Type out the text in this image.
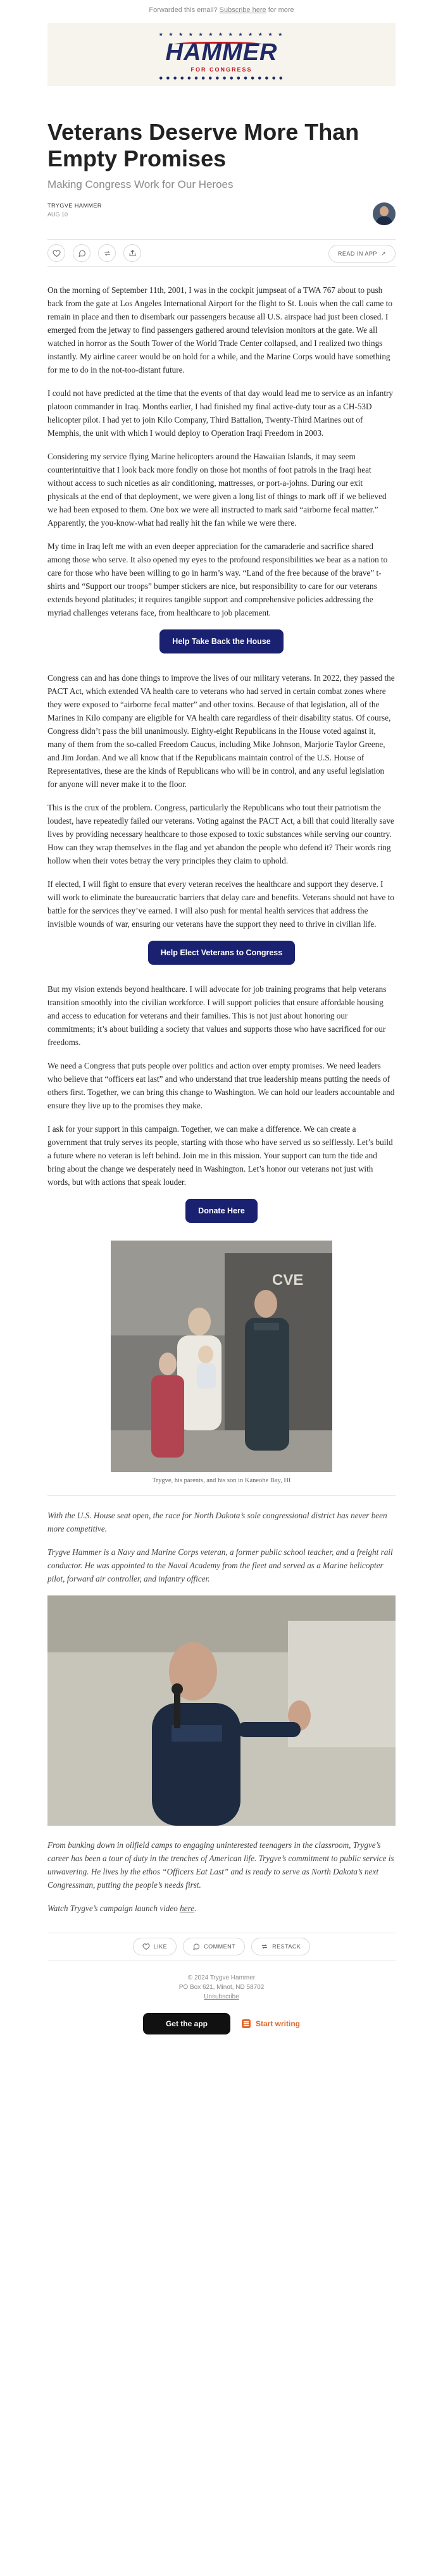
Forwarded this email? Subscribe here for more
★ ★ ★ ★ ★ ★ ★ ★ ★ ★ ★ ★ ★
HAMMER
FOR CONGRESS
● ● ● ● ● ● ● ● ● ● ● ● ● ● ● ● ● ●
Veterans Deserve More Than Empty Promises
Making Congress Work for Our Heroes
TRYGVE HAMMER
AUG 10
READ IN APP ↗

On the morning of September 11th, 2001, I was in the cockpit jumpseat of a TWA 767 about to push back from the gate at Los Angeles International Airport for the flight to St. Louis when the call came to remain in place and then to disembark our passengers because all U.S. airspace had just been closed. I emerged from the jetway to find passengers gathered around television monitors at the gate. We all watched in horror as the South Tower of the World Trade Center collapsed, and I realized two things instantly. My airline career would be on hold for a while, and the Marine Corps would have something for me to do in the not-too-distant future.

I could not have predicted at the time that the events of that day would lead me to service as an infantry platoon commander in Iraq. Months earlier, I had finished my final active-duty tour as a CH-53D helicopter pilot. I had yet to join Kilo Company, Third Battalion, Twenty-Third Marines out of Memphis, the unit with which I would deploy to Operation Iraqi Freedom in 2003.

Considering my service flying Marine helicopters around the Hawaiian Islands, it may seem counterintuitive that I look back more fondly on those hot months of foot patrols in the Iraqi heat without access to such niceties as air conditioning, mattresses, or port-a-johns. During our exit physicals at the end of that deployment, we were given a long list of things to mark off if we believed we had been exposed to them. One box we were all instructed to mark said “airborne fecal matter.” Apparently, the you-know-what had really hit the fan while we were there.

My time in Iraq left me with an even deeper appreciation for the camaraderie and sacrifice shared among those who serve. It also opened my eyes to the profound responsibilities we bear as a nation to care for those who have been willing to go in harm’s way. “Land of the free because of the brave” t-shirts and “Support our troops” bumper stickers are nice, but responsibility to care for our veterans extends beyond platitudes; it requires tangible support and comprehensive policies addressing the myriad challenges veterans face, from healthcare to job placement.

Help Take Back the House

Congress can and has done things to improve the lives of our military veterans. In 2022, they passed the PACT Act, which extended VA health care to veterans who had served in certain combat zones where they were exposed to “airborne fecal matter” and other toxins. Because of that legislation, all of the Marines in Kilo company are eligible for VA health care regardless of their disability status. Of course, Congress didn’t pass the bill unanimously. Eighty-eight Republicans in the House voted against it, many of them from the so-called Freedom Caucus, including Mike Johnson, Marjorie Taylor Greene, and Jim Jordan. And we all know that if the Republicans maintain control of the U.S. House of Representatives, these are the kinds of Republicans who will be in control, and any useful legislation for anyone will never make it to the floor.

This is the crux of the problem. Congress, particularly the Republicans who tout their patriotism the loudest, have repeatedly failed our veterans. Voting against the PACT Act, a bill that could literally save lives by providing necessary healthcare to those exposed to toxic substances while serving our country. How can they wrap themselves in the flag and yet abandon the people who defend it? Their words ring hollow when their votes betray the very principles they claim to uphold.

If elected, I will fight to ensure that every veteran receives the healthcare and support they deserve. I will work to eliminate the bureaucratic barriers that delay care and benefits. Veterans should not have to battle for the services they’ve earned. I will also push for mental health services that address the invisible wounds of war, ensuring our veterans have the support they need to thrive in civilian life.

Help Elect Veterans to Congress

But my vision extends beyond healthcare. I will advocate for job training programs that help veterans transition smoothly into the civilian workforce. I will support policies that ensure affordable housing and access to education for veterans and their families. This is not just about honoring our commitments; it’s about building a society that values and supports those who have sacrificed for our freedoms.

We need a Congress that puts people over politics and action over empty promises. We need leaders who believe that “officers eat last” and who understand that true leadership means putting the needs of others first. Together, we can bring this change to Washington. We can hold our leaders accountable and ensure they live up to the promises they make.

I ask for your support in this campaign. Together, we can make a difference. We can create a government that truly serves its people, starting with those who have served us so selflessly. Let’s build a future where no veteran is left behind. Join me in this mission. Your support can turn the tide and bring about the change we desperately need in Washington. Let’s honor our veterans not just with words, but with actions that speak louder.

Donate Here
CVE
Trygve, his parents, and his son in Kaneohe Bay, HI

With the U.S. House seat open, the race for North Dakota’s sole congressional district has never been more competitive.

Trygve Hammer is a Navy and Marine Corps veteran, a former public school teacher, and a freight rail conductor. He was appointed to the Naval Academy from the fleet and served as a Marine helicopter pilot, forward air controller, and infantry officer.

From bunking down in oilfield camps to engaging uninterested teenagers in the classroom, Trygve’s career has been a tour of duty in the trenches of American life. Trygve’s commitment to public service is unwavering. He lives by the ethos “Officers Eat Last” and is ready to serve as North Dakota’s next Congressman, putting the people’s needs first.

Watch Trygve’s campaign launch video here.

LIKE	COMMENT	RESTACK
© 2024 Trygve Hammer
PO Box 621, Minot, ND 58702
Unsubscribe
Get the app	Start writing
